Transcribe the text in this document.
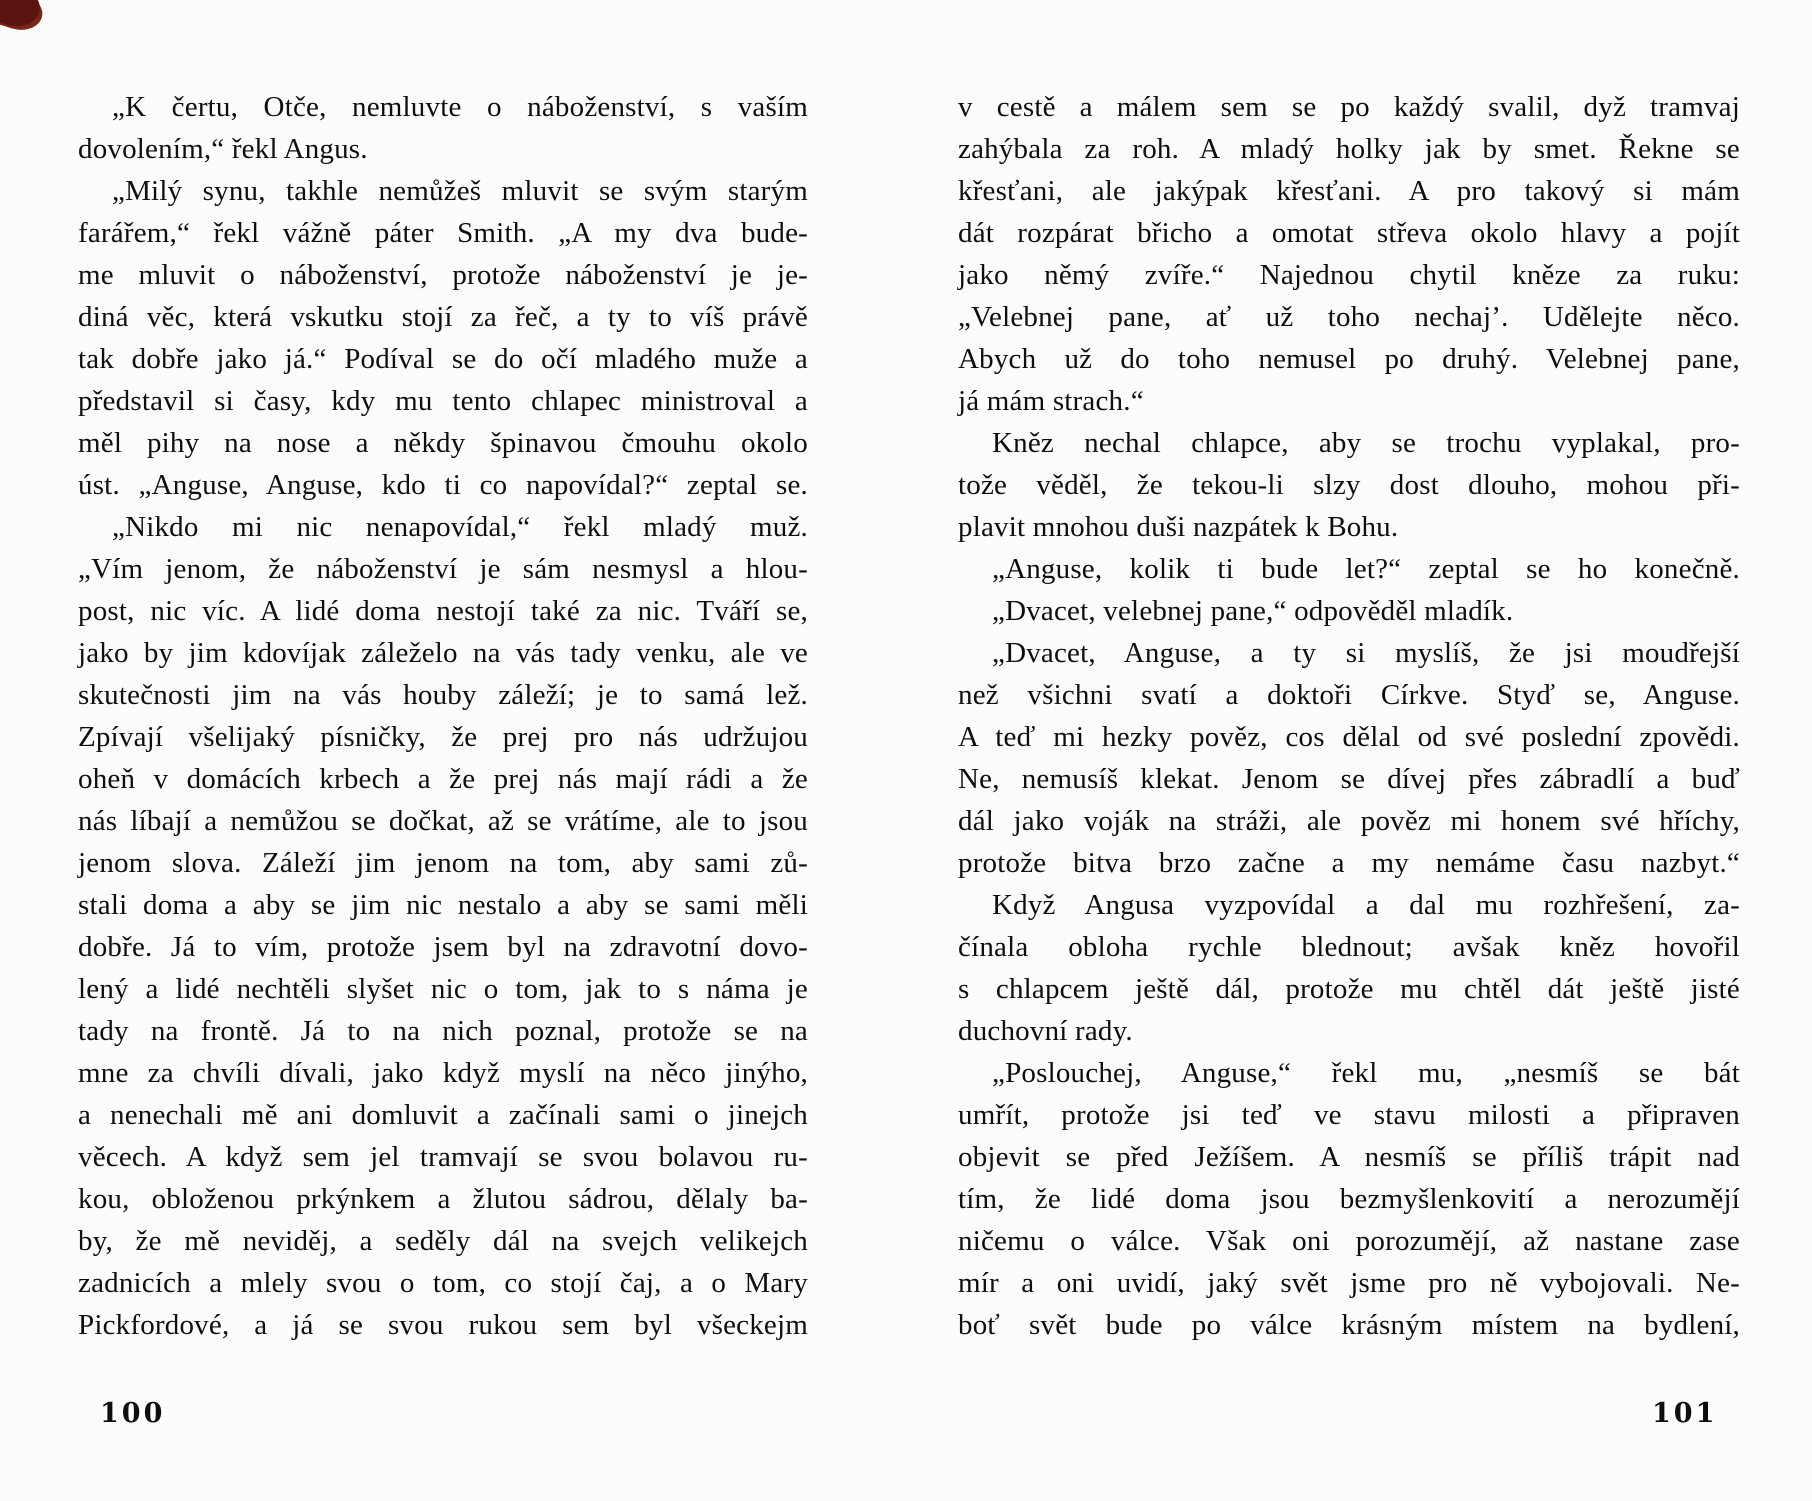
„K čertu, Otče, nemluvte o náboženství, s vaším
dovolením,“ řekl Angus.
„Milý synu, takhle nemůžeš mluvit se svým starým
farářem,“ řekl vážně páter Smith. „A my dva bude-
me mluvit o náboženství, protože náboženství je je-
diná věc, která vskutku stojí za řeč, a ty to víš právě
tak dobře jako já.“ Podíval se do očí mladého muže a
představil si časy, kdy mu tento chlapec ministroval a
měl pihy na nose a někdy špinavou čmouhu okolo
úst. „Anguse, Anguse, kdo ti co napovídal?“ zeptal se.
„Nikdo mi nic nenapovídal,“ řekl mladý muž.
„Vím jenom, že náboženství je sám nesmysl a hlou-
post, nic víc. A lidé doma nestojí také za nic. Tváří se,
jako by jim kdovíjak záleželo na vás tady venku, ale ve
skutečnosti jim na vás houby záleží; je to samá lež.
Zpívají všelijaký písničky, že prej pro nás udržujou
oheň v domácích krbech a že prej nás mají rádi a že
nás líbají a nemůžou se dočkat, až se vrátíme, ale to jsou
jenom slova. Záleží jim jenom na tom, aby sami zů-
stali doma a aby se jim nic nestalo a aby se sami měli
dobře. Já to vím, protože jsem byl na zdravotní dovo-
lený a lidé nechtěli slyšet nic o tom, jak to s náma je
tady na frontě. Já to na nich poznal, protože se na
mne za chvíli dívali, jako když myslí na něco jinýho,
a nenechali mě ani domluvit a začínali sami o jinejch
věcech. A když sem jel tramvají se svou bolavou ru-
kou, obloženou prkýnkem a žlutou sádrou, dělaly ba-
by, že mě neviděj, a seděly dál na svejch velikejch
zadnicích a mlely svou o tom, co stojí čaj, a o Mary
Pickfordové, a já se svou rukou sem byl všeckejm
v cestě a málem sem se po každý svalil, dyž tramvaj
zahýbala za roh. A mladý holky jak by smet. Řekne se
křesťani, ale jakýpak křesťani. A pro takový si mám
dát rozpárat břicho a omotat střeva okolo hlavy a pojít
jako němý zvíře.“ Najednou chytil kněze za ruku:
„Velebnej pane, ať už toho nechaj’. Udělejte něco.
Abych už do toho nemusel po druhý. Velebnej pane,
já mám strach.“
Kněz nechal chlapce, aby se trochu vyplakal, pro-
tože věděl, že tekou-li slzy dost dlouho, mohou při-
plavit mnohou duši nazpátek k Bohu.
„Anguse, kolik ti bude let?“ zeptal se ho konečně.
„Dvacet, velebnej pane,“ odpověděl mladík.
„Dvacet, Anguse, a ty si myslíš, že jsi moudřejší
než všichni svatí a doktoři Církve. Styď se, Anguse.
A teď mi hezky pověz, cos dělal od své poslední zpovědi.
Ne, nemusíš klekat. Jenom se dívej přes zábradlí a buď
dál jako voják na stráži, ale pověz mi honem své hříchy,
protože bitva brzo začne a my nemáme času nazbyt.“
Když Angusa vyzpovídal a dal mu rozhřešení, za-
čínala obloha rychle blednout; avšak kněz hovořil
s chlapcem ještě dál, protože mu chtěl dát ještě jisté
duchovní rady.
„Poslouchej, Anguse,“ řekl mu, „nesmíš se bát
umřít, protože jsi teď ve stavu milosti a připraven
objevit se před Ježíšem. A nesmíš se příliš trápit nad
tím, že lidé doma jsou bezmyšlenkovití a nerozumějí
ničemu o válce. Však oni porozumějí, až nastane zase
mír a oni uvidí, jaký svět jsme pro ně vybojovali. Ne-
boť svět bude po válce krásným místem na bydlení,
100	101
